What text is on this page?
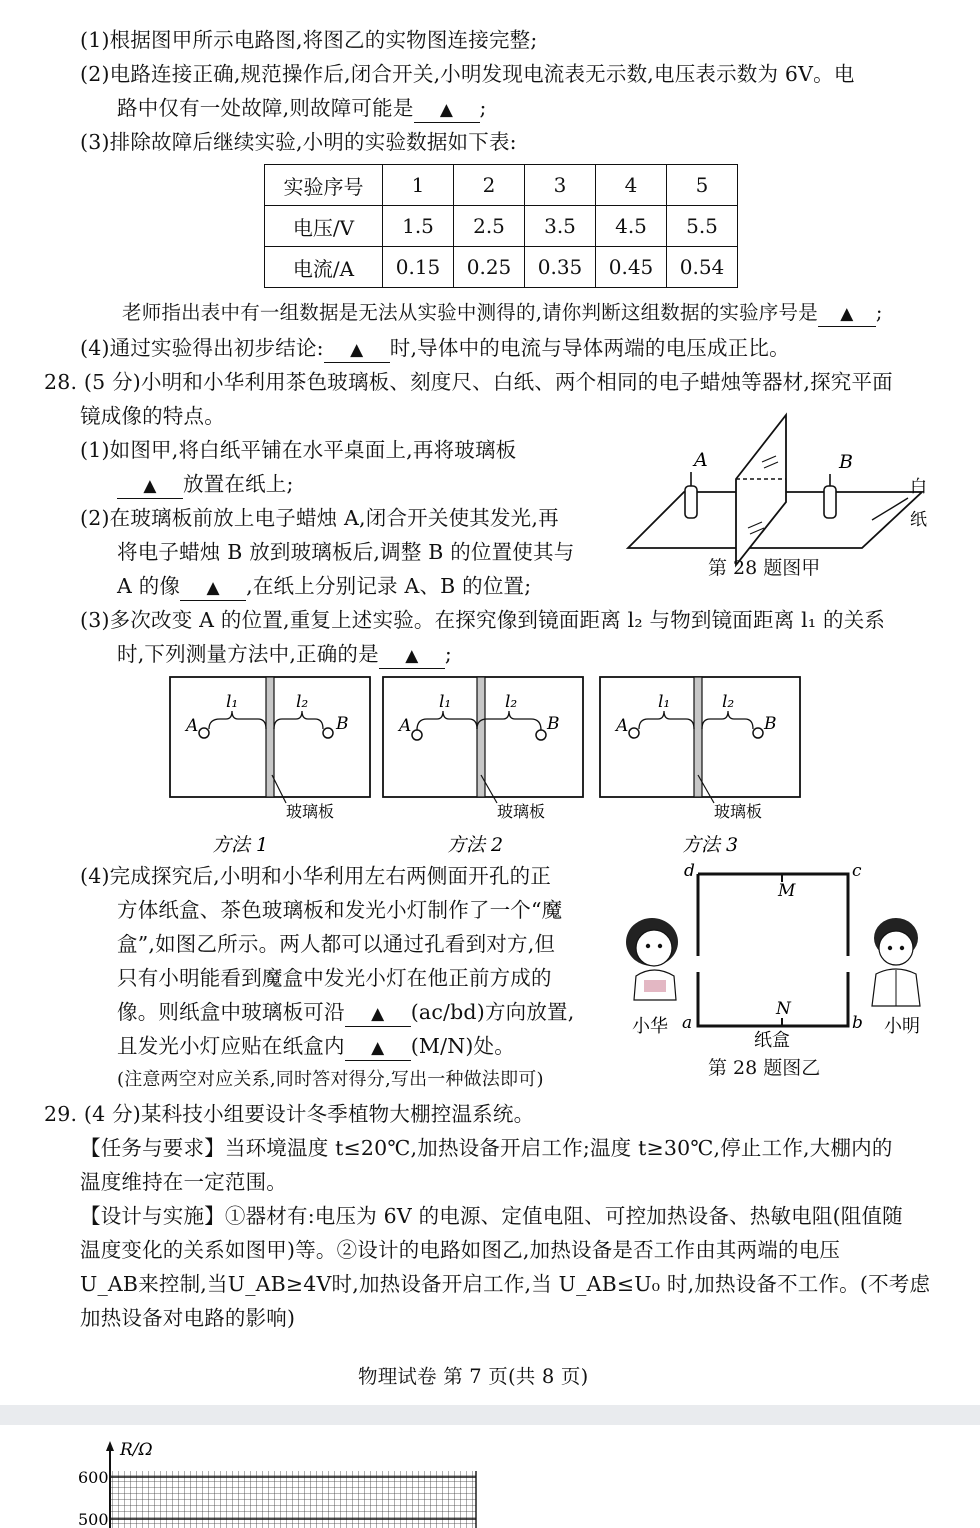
(1)根据图甲所示电路图,将图乙的实物图连接完整;
(2)电路连接正确,规范操作后,闭合开关,小明发现电流表无示数,电压表示数为 6V。电
路中仅有一处故障,则故障可能是 ▲ ;
(3)排除故障后继续实验,小明的实验数据如下表:
实验序号	1	2	3	4	5
电压/V	1.5	2.5	3.5	4.5	5.5
电流/A	0.15	0.25	0.35	0.45	0.54
老师指出表中有一组数据是无法从实验中测得的,请你判断这组数据的实验序号是 ▲ ;
(4)通过实验得出初步结论: ▲ 时,导体中的电流与导体两端的电压成正比。
28. (5 分)小明和小华利用茶色玻璃板、刻度尺、白纸、两个相同的电子蜡烛等器材,探究平面
镜成像的特点。
(1)如图甲,将白纸平铺在水平桌面上,再将玻璃板
▲ 放置在纸上;
(2)在玻璃板前放上电子蜡烛 A,闭合开关使其发光,再
将电子蜡烛 B 放到玻璃板后,调整 B 的位置使其与
A 的像 ▲ ,在纸上分别记录 A、B 的位置;
A	B
白
纸
第 28 题图甲
(3)多次改变 A 的位置,重复上述实验。在探究像到镜面距离 l₂ 与物到镜面距离 l₁ 的关系
时,下列测量方法中,正确的是 ▲ ;
l₁	l₂
A	B
玻璃板
方法 1
l₁	l₂
A	B
玻璃板
方法 2
l₁	l₂
A	B
玻璃板
方法 3
(4)完成探究后,小明和小华利用左右两侧面开孔的正
方体纸盒、茶色玻璃板和发光小灯制作了一个“魔
盒”,如图乙所示。两人都可以通过孔看到对方,但
只有小明能看到魔盒中发光小灯在他正前方成的
像。则纸盒中玻璃板可沿 ▲ (ac/bd)方向放置,
且发光小灯应贴在纸盒内 ▲ (M/N)处。
(注意两空对应关系,同时答对得分,写出一种做法即可)
d	c
a	b
M
N
纸盒
小华	小明
第 28 题图乙
29. (4 分)某科技小组要设计冬季植物大棚控温系统。
【任务与要求】当环境温度 t≤20℃,加热设备开启工作;温度 t≥30℃,停止工作,大棚内的
温度维持在一定范围。
【设计与实施】①器材有:电压为 6V 的电源、定值电阻、可控加热设备、热敏电阻(阻值随
温度变化的关系如图甲)等。②设计的电路如图乙,加热设备是否工作由其两端的电压
U_AB来控制,当U_AB≥4V时,加热设备开启工作,当 U_AB≤U₀ 时,加热设备不工作。(不考虑
加热设备对电路的影响)
物理试卷 第 7 页(共 8 页)
R/Ω
600
500
